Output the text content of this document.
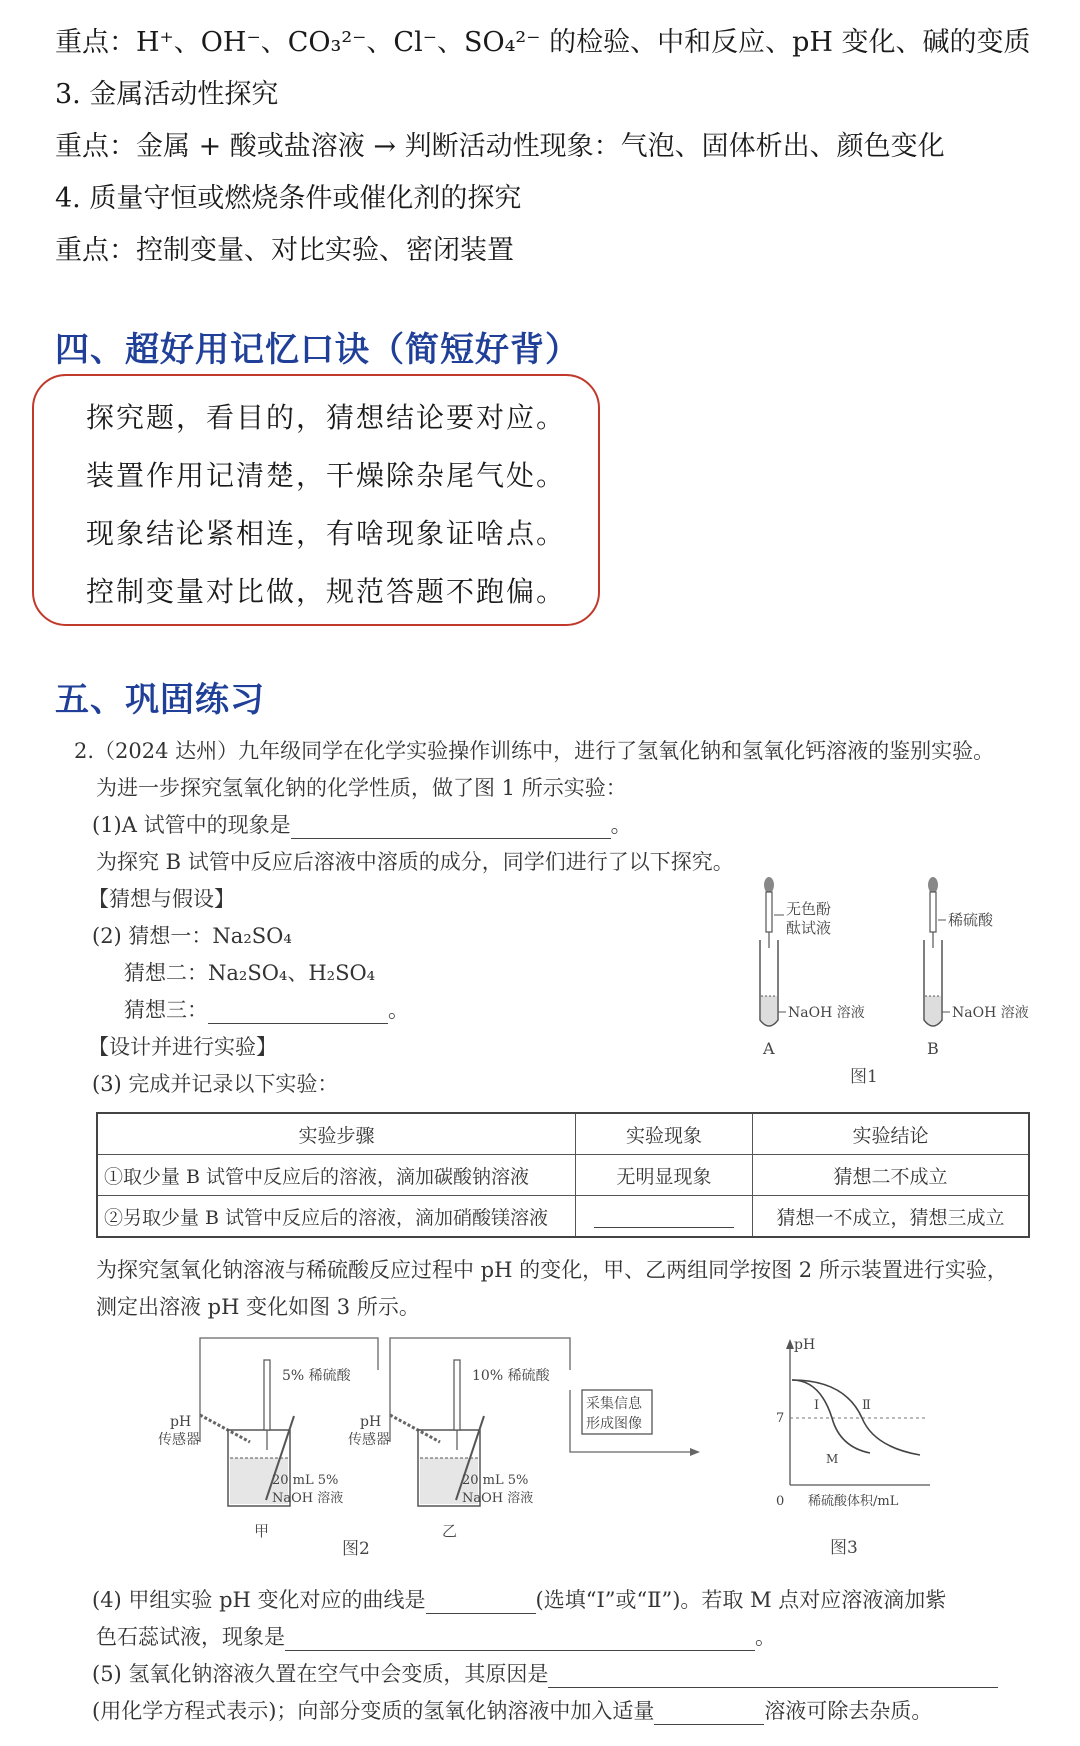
重点：H⁺、OH⁻、CO₃²⁻、Cl⁻、SO₄²⁻ 的检验、中和反应、pH 变化、碱的变质
3. 金属活动性探究
重点：金属 + 酸或盐溶液 → 判断活动性现象：气泡、固体析出、颜色变化
4. 质量守恒或燃烧条件或催化剂的探究
重点：控制变量、对比实验、密闭装置
四、超好用记忆口诀（简短好背）
探究题，看目的，猜想结论要对应。
装置作用记清楚，干燥除杂尾气处。
现象结论紧相连，有啥现象证啥点。
控制变量对比做，规范答题不跑偏。
五、巩固练习
2.（2024 达州）九年级同学在化学实验操作训练中，进行了氢氧化钠和氢氧化钙溶液的鉴别实验。
为进一步探究氢氧化钠的化学性质，做了图 1 所示实验：
(1)A 试管中的现象是	。
为探究 B 试管中反应后溶液中溶质的成分，同学们进行了以下探究。
【猜想与假设】
(2) 猜想一：Na₂SO₄
猜想二：Na₂SO₄、H₂SO₄
猜想三：	。
【设计并进行实验】
(3) 完成并记录以下实验：
无色酚
酞试液
NaOH 溶液
A
稀硫酸
NaOH 溶液
B
图1
实验步骤	实验现象	实验结论
①取少量 B 试管中反应后的溶液，滴加碳酸钠溶液	无明显现象	猜想二不成立
②另取少量 B 试管中反应后的溶液，滴加硝酸镁溶液		猜想一不成立，猜想三成立
为探究氢氧化钠溶液与稀硫酸反应过程中 pH 的变化，甲、乙两组同学按图 2 所示装置进行实验，
测定出溶液 pH 变化如图 3 所示。
5% 稀硫酸
pH
传感器
20 mL 5%
NaOH 溶液
甲
10% 稀硫酸
pH
传感器
20 mL 5%
NaOH 溶液
乙
采集信息
形成图像
图2
pH
7
Ⅰ	Ⅱ
M
0 稀硫酸体积/mL
图3
(4) 甲组实验 pH 变化对应的曲线是	(选填“Ⅰ”或“Ⅱ”)。若取 M 点对应溶液滴加紫
色石蕊试液，现象是	。
(5) 氢氧化钠溶液久置在空气中会变质，其原因是
(用化学方程式表示)；向部分变质的氢氧化钠溶液中加入适量	溶液可除去杂质。
